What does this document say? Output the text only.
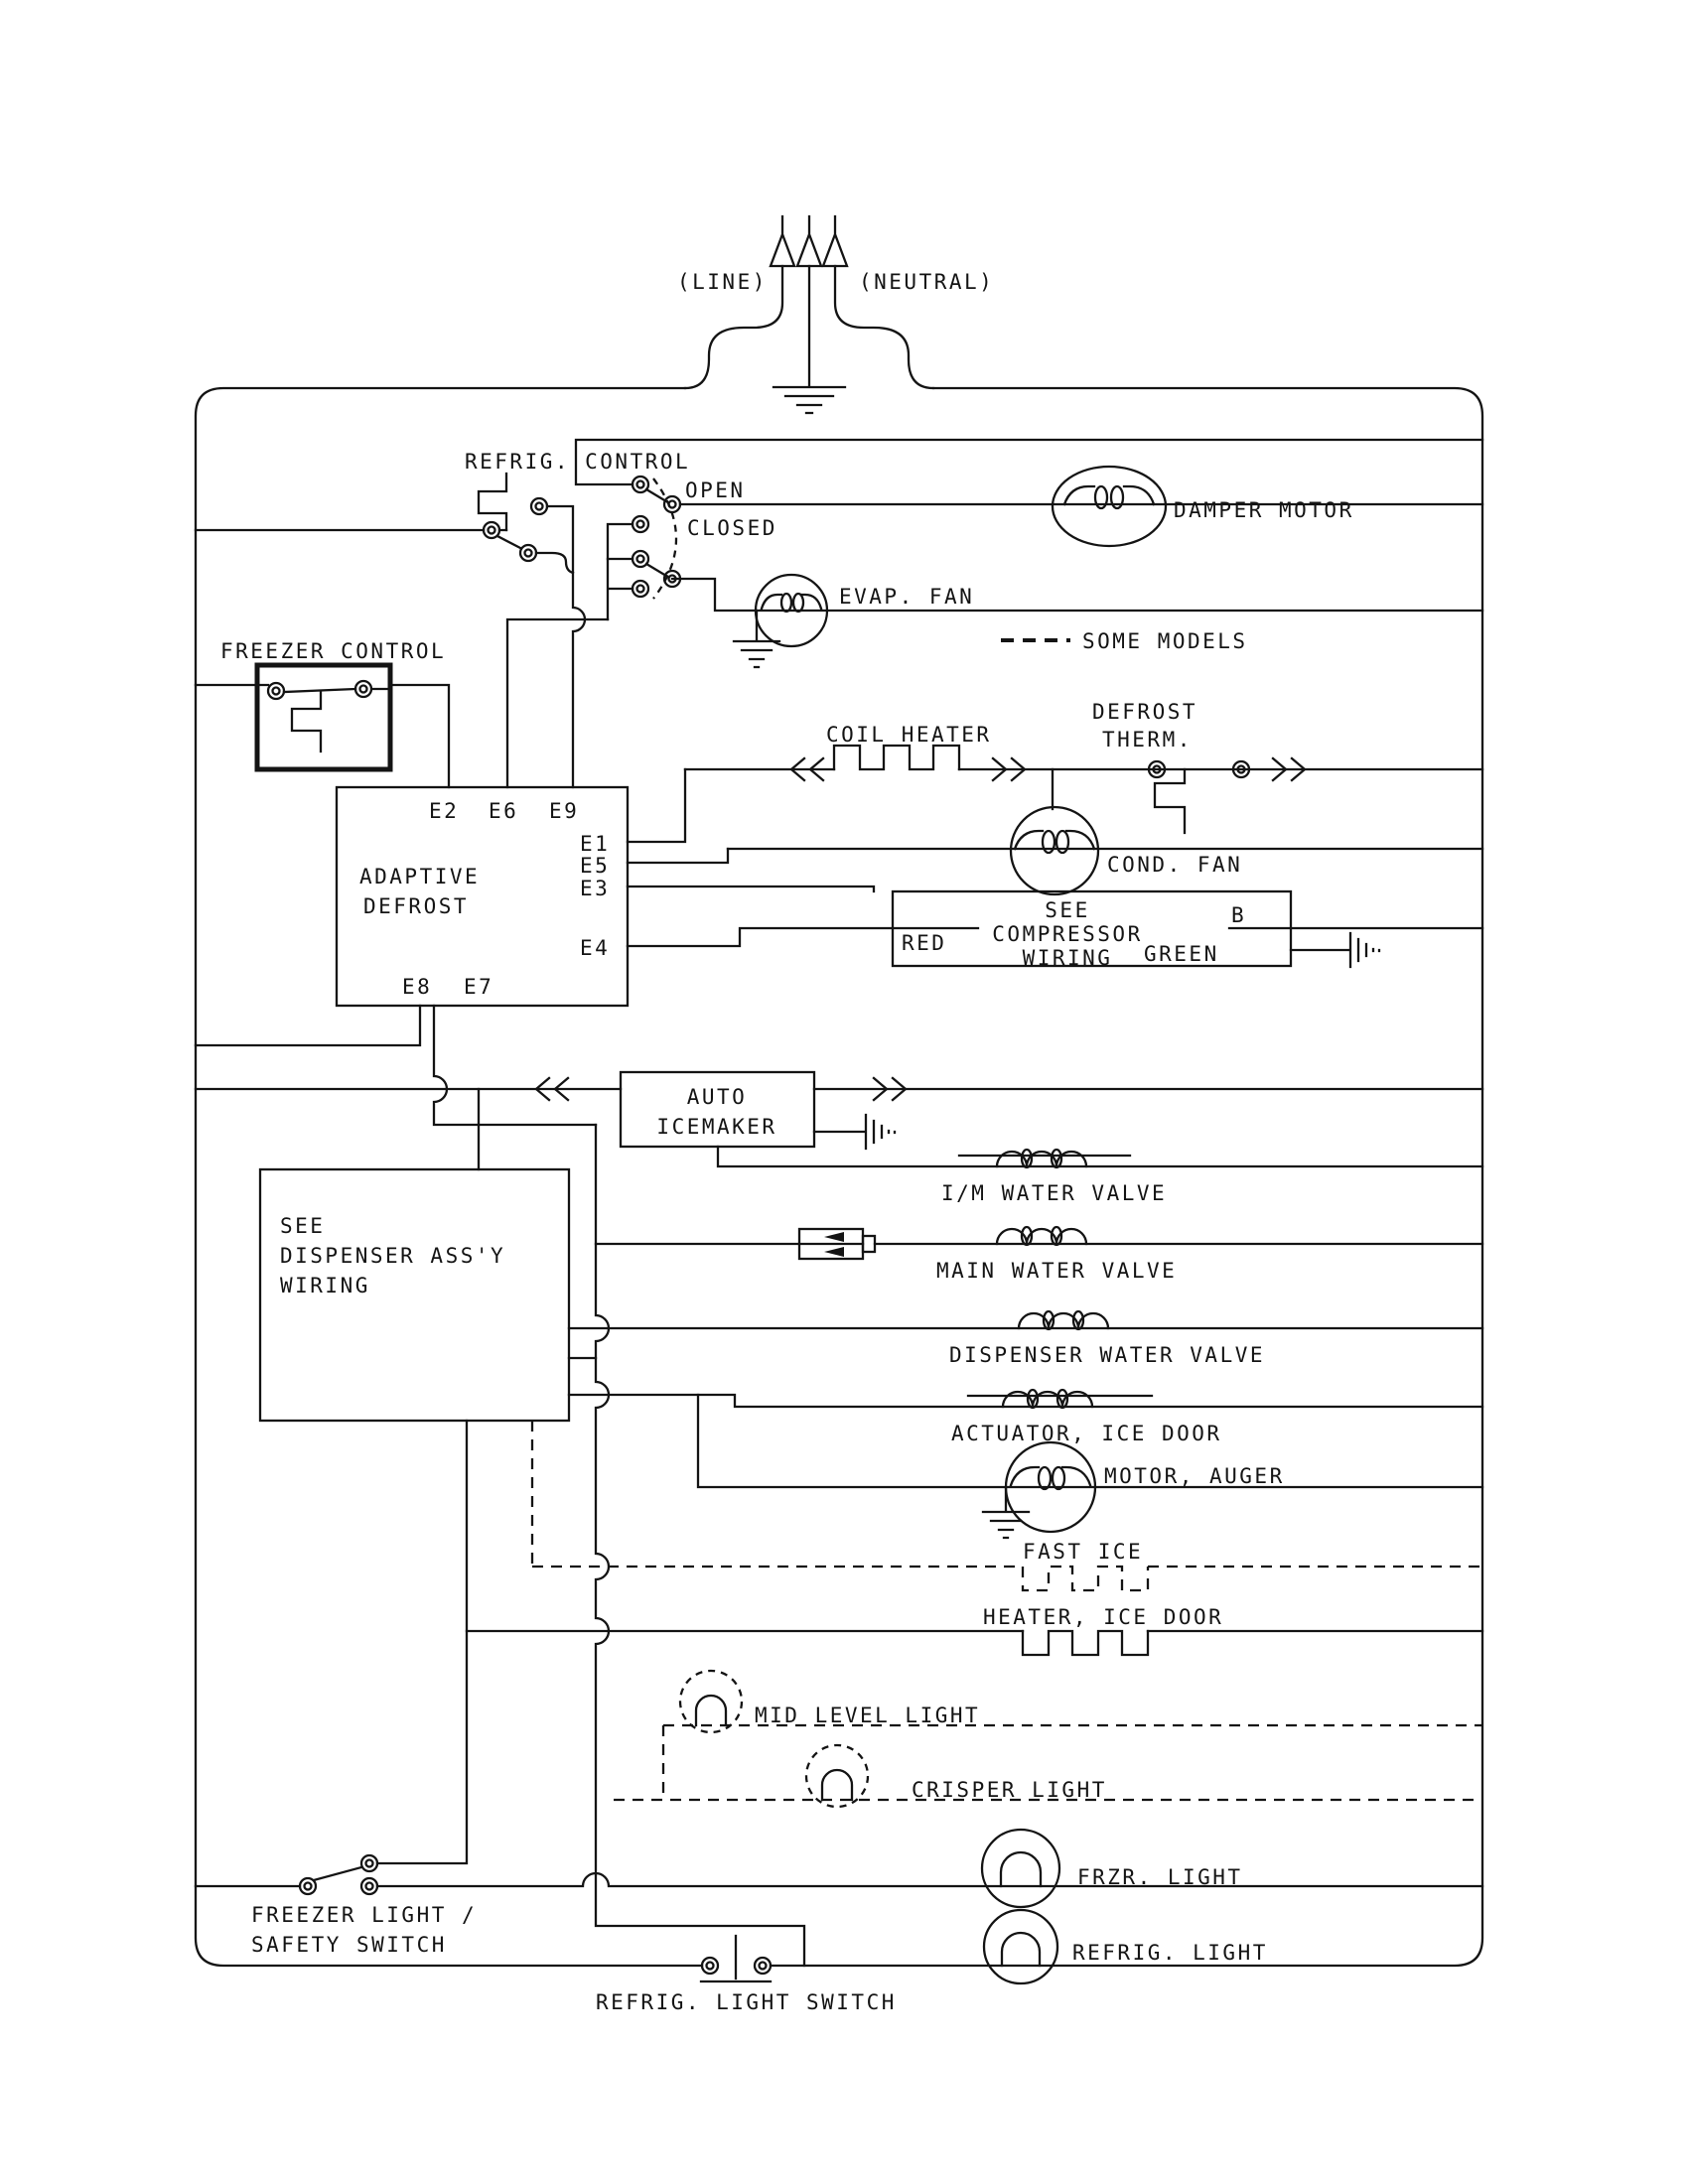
(LINE)	(NEUTRAL)
REFRIG. CONTROL
OPEN
CLOSED
DAMPER MOTOR
EVAP. FAN
SOME MODELS
FREEZER CONTROL
E2 E6 E9
ADAPTIVE
DEFROST
E1
E5
E3
E4
E8 E7
COIL HEATER
DEFROST
THERM.
COND. FAN
SEE
COMPRESSOR
WIRING
RED
B
GREEN
AUTO
ICEMAKER
I/M WATER VALVE
MAIN WATER VALVE
SEE
DISPENSER ASS'Y
WIRING
DISPENSER WATER VALVE
ACTUATOR, ICE DOOR
MOTOR, AUGER
FAST ICE
HEATER, ICE DOOR
MID LEVEL LIGHT
CRISPER LIGHT
FREEZER LIGHT /
SAFETY SWITCH
FRZR. LIGHT
REFRIG. LIGHT SWITCH
REFRIG. LIGHT
